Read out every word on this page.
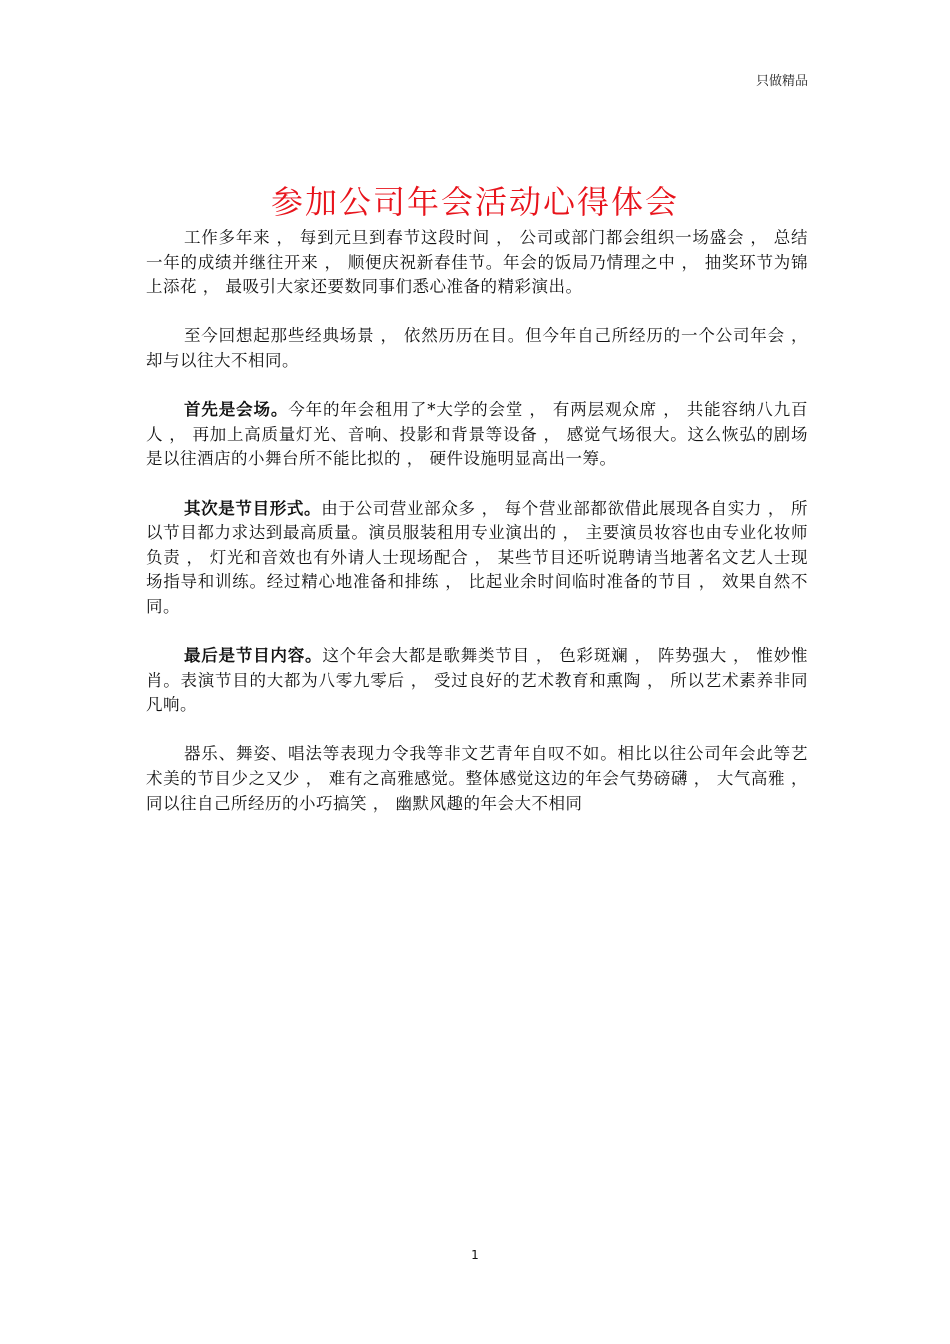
只做精品
参加公司年会活动心得体会

工作多年来 ， 每到元旦到春节这段时间 ， 公司或部门都会组织一场盛会 ， 总结一年的成绩并继往开来 ， 顺便庆祝新春佳节。年会的饭局乃情理之中 ， 抽奖环节为锦上添花 ， 最吸引大家还要数同事们悉心准备的精彩演出。

至今回想起那些经典场景 ， 依然历历在目。但今年自己所经历的一个公司年会 ， 却与以往大不相同。

首先是会场。今年的年会租用了*大学的会堂 ， 有两层观众席 ， 共能容纳八九百人 ， 再加上高质量灯光、音响、投影和背景等设备 ， 感觉气场很大。这么恢弘的剧场是以往酒店的小舞台所不能比拟的 ， 硬件设施明显高出一筹。

其次是节目形式。由于公司营业部众多 ， 每个营业部都欲借此展现各自实力 ， 所以节目都力求达到最高质量。演员服装租用专业演出的 ， 主要演员妆容也由专业化妆师负责 ， 灯光和音效也有外请人士现场配合 ， 某些节目还听说聘请当地著名文艺人士现场指导和训练。经过精心地准备和排练 ， 比起业余时间临时准备的节目 ， 效果自然不同。

最后是节目内容。这个年会大都是歌舞类节目 ， 色彩斑斓 ， 阵势强大 ， 惟妙惟肖。表演节目的大都为八零九零后 ， 受过良好的艺术教育和熏陶 ， 所以艺术素养非同凡响。

器乐、舞姿、唱法等表现力令我等非文艺青年自叹不如。相比以往公司年会此等艺术美的节目少之又少 ， 难有之高雅感觉。整体感觉这边的年会气势磅礴 ， 大气高雅 ， 同以往自己所经历的小巧搞笑 ， 幽默风趣的年会大不相同

1
